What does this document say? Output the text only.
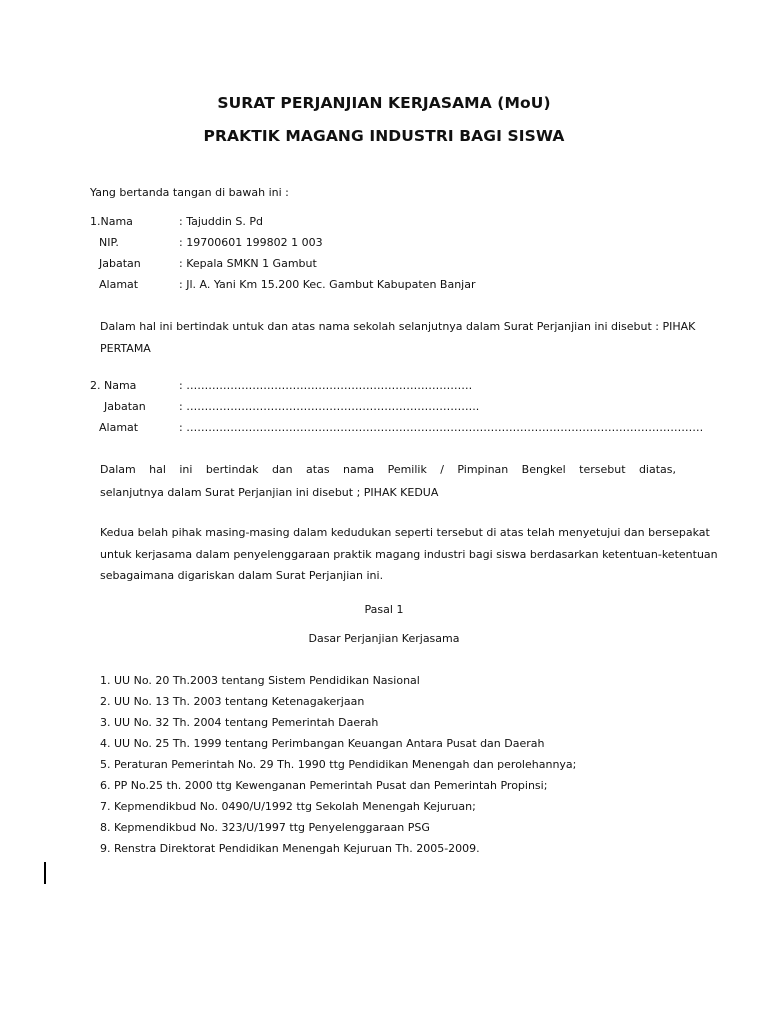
SURAT PERJANJIAN KERJASAMA (MoU)
PRAKTIK MAGANG INDUSTRI BAGI SISWA
Yang bertanda tangan di bawah ini :
1.Nama	: Tajuddin S. Pd
NIP.	: 19700601 199802 1 003
Jabatan	: Kepala SMKN 1 Gambut
Alamat	: Jl. A. Yani Km 15.200 Kec. Gambut Kabupaten Banjar
Dalam hal ini bertindak untuk dan atas nama sekolah selanjutnya dalam Surat Perjanjian ini disebut : PIHAK
PERTAMA
2. Nama	: ……………………………………………………………………
Jabatan	: ……………………………………………………………………..
Alamat	: ……………………………………………………………………………………………………………………………
Dalam hal ini bertindak dan atas nama Pemilik / Pimpinan Bengkel tersebut diatas,
selanjutnya dalam Surat Perjanjian ini disebut ; PIHAK KEDUA
Kedua belah pihak masing-masing dalam kedudukan seperti tersebut di atas telah menyetujui dan bersepakat
untuk kerjasama dalam penyelenggaraan praktik magang industri bagi siswa berdasarkan ketentuan-ketentuan
sebagaimana digariskan dalam Surat Perjanjian ini.
Pasal 1
Dasar Perjanjian Kerjasama
1. UU No. 20 Th.2003 tentang Sistem Pendidikan Nasional
2. UU No. 13 Th. 2003 tentang Ketenagakerjaan
3. UU No. 32 Th. 2004 tentang Pemerintah Daerah
4. UU No. 25 Th. 1999 tentang Perimbangan Keuangan Antara Pusat dan Daerah
5. Peraturan Pemerintah No. 29 Th. 1990 ttg Pendidikan Menengah dan perolehannya;
6. PP No.25 th. 2000 ttg Kewenganan Pemerintah Pusat dan Pemerintah Propinsi;
7. Kepmendikbud No. 0490/U/1992 ttg Sekolah Menengah Kejuruan;
8. Kepmendikbud No. 323/U/1997 ttg Penyelenggaraan PSG
9. Renstra Direktorat Pendidikan Menengah Kejuruan Th. 2005-2009.
